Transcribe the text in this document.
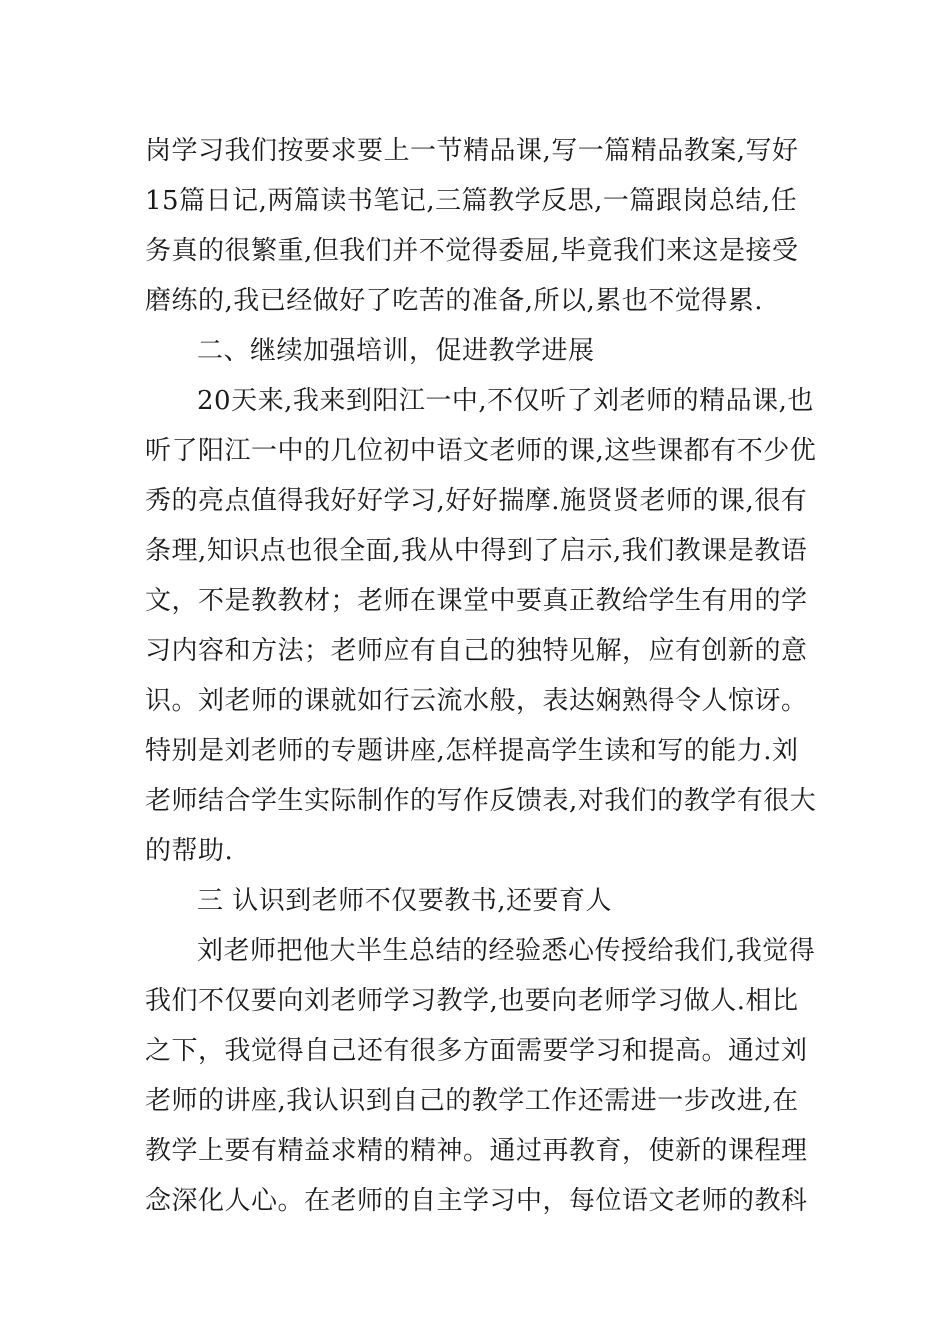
岗学习我们按要求要上一节精品课,写一篇精品教案,写好
15篇日记,两篇读书笔记,三篇教学反思,一篇跟岗总结,任
务真的很繁重,但我们并不觉得委屈,毕竟我们来这是接受
磨练的,我已经做好了吃苦的准备,所以,累也不觉得累.
二、继续加强培训，促进教学进展
20天来,我来到阳江一中,不仅听了刘老师的精品课,也
听了阳江一中的几位初中语文老师的课,这些课都有不少优
秀的亮点值得我好好学习,好好揣摩.施贤贤老师的课,很有
条理,知识点也很全面,我从中得到了启示,我们教课是教语
文，不是教教材；老师在课堂中要真正教给学生有用的学
习内容和方法；老师应有自己的独特见解，应有创新的意
识。刘老师的课就如行云流水般，表达娴熟得令人惊讶。
特别是刘老师的专题讲座,怎样提高学生读和写的能力.刘
老师结合学生实际制作的写作反馈表,对我们的教学有很大
的帮助.
三 认识到老师不仅要教书,还要育人
刘老师把他大半生总结的经验悉心传授给我们,我觉得
我们不仅要向刘老师学习教学,也要向老师学习做人.相比
之下，我觉得自己还有很多方面需要学习和提高。通过刘
老师的讲座,我认识到自己的教学工作还需进一步改进,在
教学上要有精益求精的精神。通过再教育，使新的课程理
念深化人心。在老师的自主学习中，每位语文老师的教科
